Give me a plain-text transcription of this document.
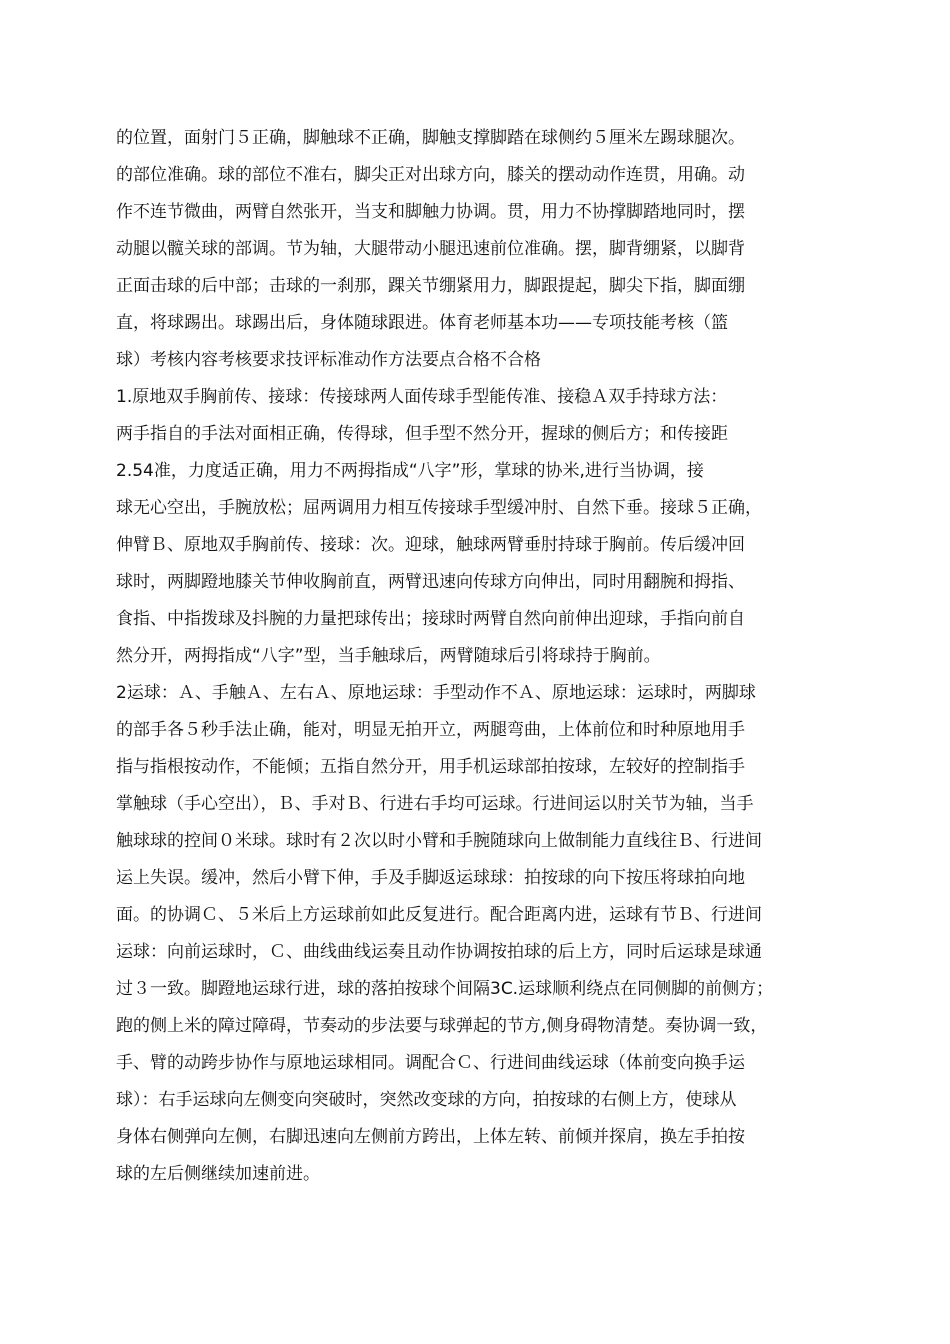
的位置，面射门５正确，脚触球不正确，脚触支撑脚踏在球侧约５厘米左踢球腿次。
的部位准确。球的部位不准右，脚尖正对出球方向，膝关的摆动动作连贯，用确。动
作不连节微曲，两臂自然张开，当支和脚触力协调。贯，用力不协撑脚踏地同时，摆
动腿以髋关球的部调。节为轴，大腿带动小腿迅速前位准确。摆，脚背绷紧，以脚背
正面击球的后中部；击球的一刹那，踝关节绷紧用力，脚跟提起，脚尖下指，脚面绷
直，将球踢出。球踢出后，身体随球跟进。体育老师基本功——专项技能考核（篮
球）考核内容考核要求技评标准动作方法要点合格不合格
1.原地双手胸前传、接球：传接球两人面传球手型能传准、接稳Ａ双手持球方法：
两手指自的手法对面相正确，传得球，但手型不然分开，握球的侧后方；和传接距
2.54准，力度适正确，用力不两拇指成“八字”形，掌球的协米,进行当协调，接
球无心空出，手腕放松；屈两调用力相互传接球手型缓冲肘、自然下垂。接球５正确，
伸臂Ｂ、原地双手胸前传、接球：次。迎球，触球两臂垂肘持球于胸前。传后缓冲回
球时，两脚蹬地膝关节伸收胸前直，两臂迅速向传球方向伸出，同时用翻腕和拇指、
食指、中指拨球及抖腕的力量把球传出；接球时两臂自然向前伸出迎球，手指向前自
然分开，两拇指成“八字”型，当手触球后，两臂随球后引将球持于胸前。
2运球：Ａ、手触Ａ、左右Ａ、原地运球：手型动作不Ａ、原地运球：运球时，两脚球
的部手各５秒手法止确，能对，明显无拍开立，两腿弯曲，上体前位和时种原地用手
指与指根按动作，不能倾；五指自然分开，用手机运球部拍按球，左较好的控制指手
掌触球（手心空出），Ｂ、手对Ｂ、行进右手均可运球。行进间运以肘关节为轴，当手
触球球的控间０米球。球时有２次以时小臂和手腕随球向上做制能力直线往Ｂ、行进间
运上失误。缓冲，然后小臂下伸，手及手脚返运球球：拍按球的向下按压将球拍向地
面。的协调Ｃ、５米后上方运球前如此反复进行。配合距离内进，运球有节Ｂ、行进间
运球：向前运球时，Ｃ、曲线曲线运奏且动作协调按拍球的后上方，同时后运球是球通
过３一致。脚蹬地运球行进，球的落拍按球个间隔3C.运球顺利绕点在同侧脚的前侧方；
跑的侧上米的障过障碍，节奏动的步法要与球弹起的节方,侧身碍物清楚。奏协调一致，
手、臂的动跨步协作与原地运球相同。调配合Ｃ、行进间曲线运球（体前变向换手运
球）：右手运球向左侧变向突破时，突然改变球的方向，拍按球的右侧上方，使球从
身体右侧弹向左侧，右脚迅速向左侧前方跨出，上体左转、前倾并探肩，换左手拍按
球的左后侧继续加速前进。
